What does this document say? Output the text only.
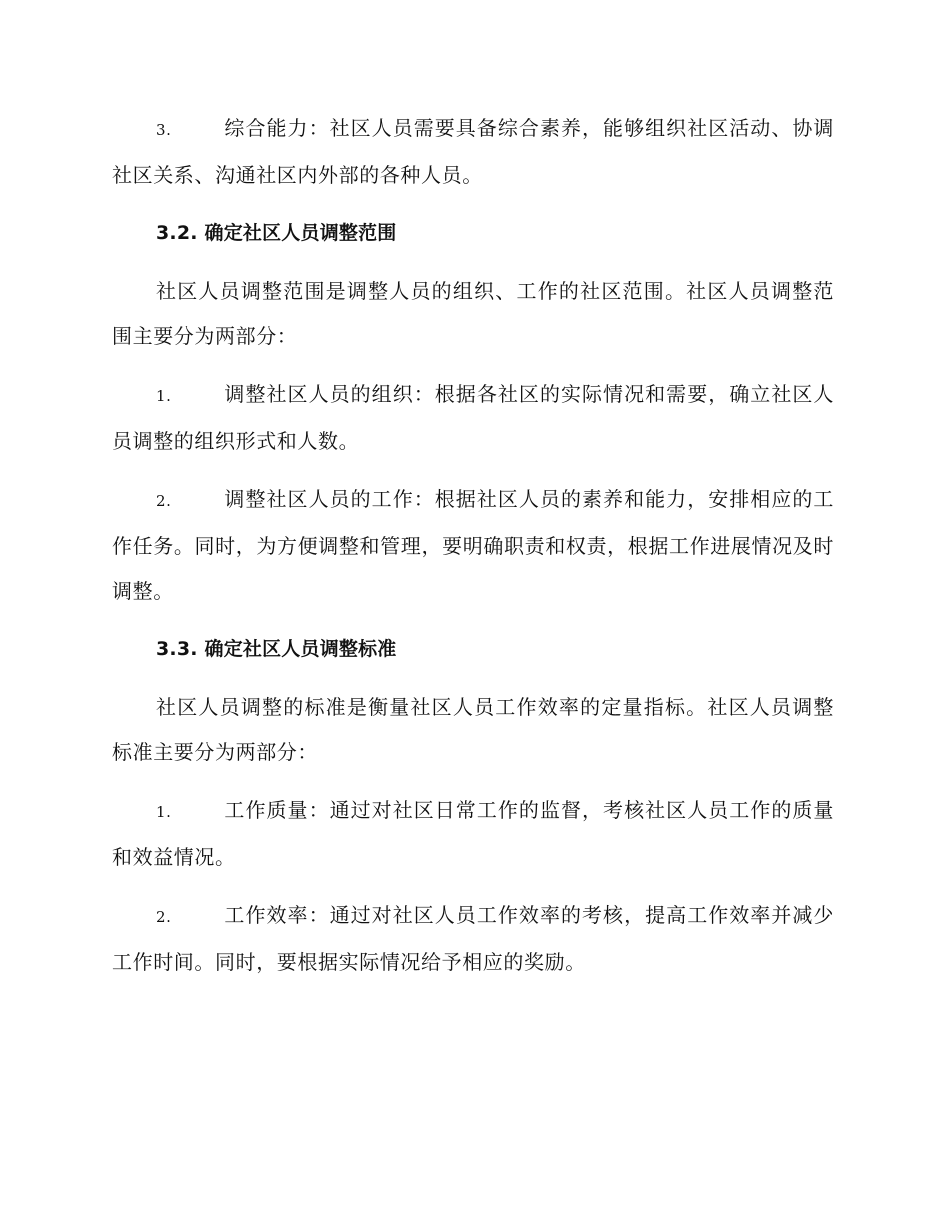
3.	综合能力：社区人员需要具备综合素养，能够组织社区活动、协调社区关系、沟通社区内外部的各种人员。

3.2. 确定社区人员调整范围

社区人员调整范围是调整人员的组织、工作的社区范围。社区人员调整范围主要分为两部分：

1.	调整社区人员的组织：根据各社区的实际情况和需要，确立社区人员调整的组织形式和人数。

2.	调整社区人员的工作：根据社区人员的素养和能力，安排相应的工作任务。同时，为方便调整和管理，要明确职责和权责，根据工作进展情况及时调整。

3.3. 确定社区人员调整标准

社区人员调整的标准是衡量社区人员工作效率的定量指标。社区人员调整标准主要分为两部分：

1.	工作质量：通过对社区日常工作的监督，考核社区人员工作的质量和效益情况。

2.	工作效率：通过对社区人员工作效率的考核，提高工作效率并减少工作时间。同时，要根据实际情况给予相应的奖励。
